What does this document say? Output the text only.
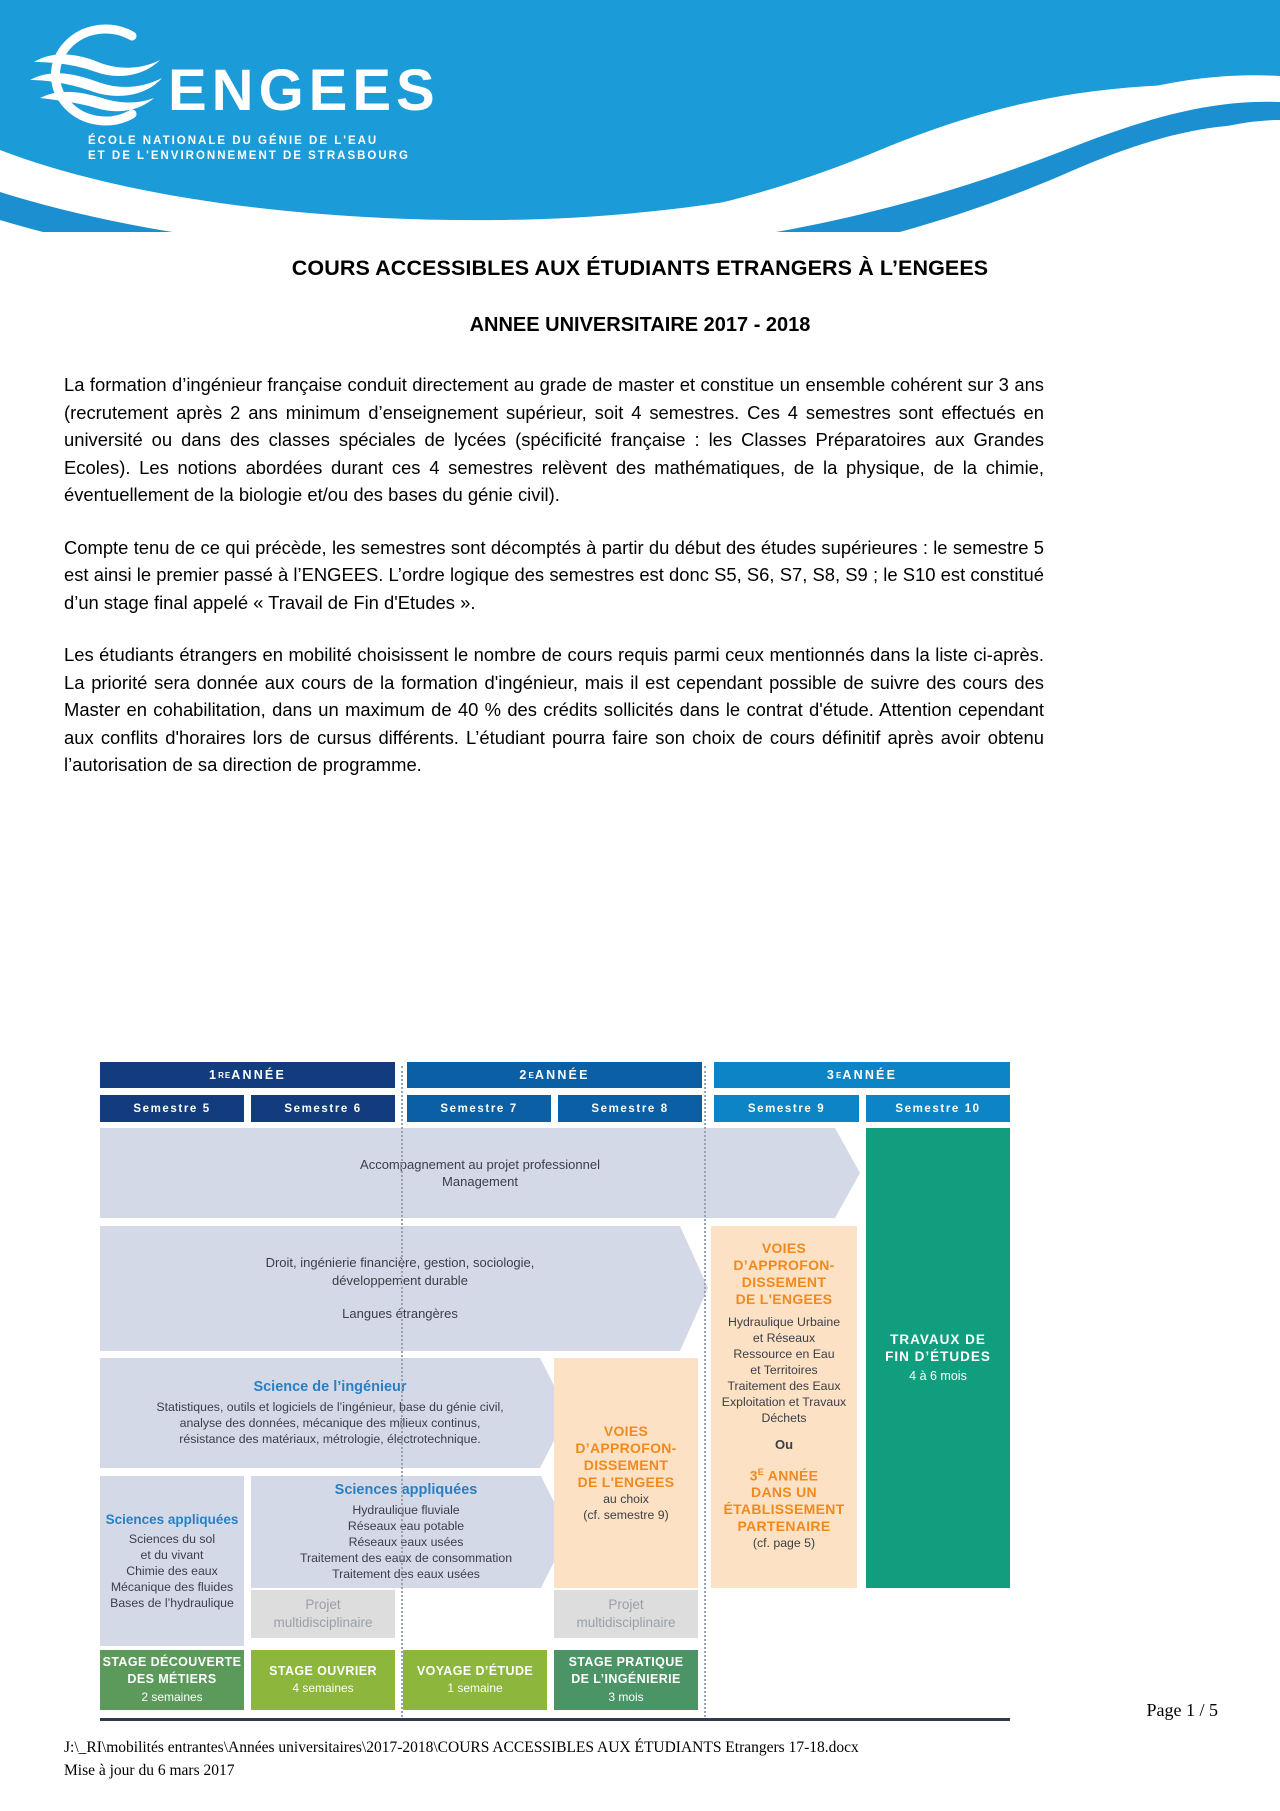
ENGEES
ÉCOLE NATIONALE DU GÉNIE DE L'EAU
ET DE L'ENVIRONNEMENT DE STRASBOURG
COURS ACCESSIBLES AUX ÉTUDIANTS ETRANGERS À L’ENGEES
ANNEE UNIVERSITAIRE 2017 - 2018

La formation d’ingénieur française conduit directement au grade de master et constitue un ensemble cohérent sur 3 ans (recrutement après 2 ans minimum d’enseignement supérieur, soit 4 semestres. Ces 4 semestres sont effectués en université ou dans des classes spéciales de lycées (spécificité française : les Classes Préparatoires aux Grandes Ecoles). Les notions abordées durant ces 4 semestres relèvent des mathématiques, de la physique, de la chimie, éventuellement de la biologie et/ou des bases du génie civil).

Compte tenu de ce qui précède, les semestres sont décomptés à partir du début des études supérieures : le semestre 5 est ainsi le premier passé à l’ENGEES. L’ordre logique des semestres est donc S5, S6, S7, S8, S9 ; le S10 est constitué d’un stage final appelé « Travail de Fin d'Etudes ».

Les étudiants étrangers en mobilité choisissent le nombre de cours requis parmi ceux mentionnés dans la liste ci-après. La priorité sera donnée aux cours de la formation d'ingénieur, mais il est cependant possible de suivre des cours des Master en cohabilitation, dans un maximum de 40 % des crédits sollicités dans le contrat d'étude. Attention cependant aux conflits d'horaires lors de cursus différents. L’étudiant pourra faire son choix de cours définitif après avoir obtenu l’autorisation de sa direction de programme.

1 RE ANNÉE	2 E ANNÉE	3 E ANNÉE
Semestre 5	Semestre 6	Semestre 7	Semestre 8	Semestre 9	Semestre 10
Accompagnement au projet professionnel
Management
Droit, ingénierie financière, gestion, sociologie,
développement durable
Langues étrangères
Science de l’ingénieur
Statistiques, outils et logiciels de l’ingénieur, base du génie civil,
analyse des données, mécanique des milieux continus,
résistance des matériaux, métrologie, électrotechnique.
Sciences appliquées
Sciences du sol
et du vivant
Chimie des eaux
Mécanique des fluides
Bases de l’hydraulique
Sciences appliquées
Hydraulique fluviale
Réseaux eau potable
Réseaux eaux usées
Traitement des eaux de consommation
Traitement des eaux usées
Projet
multidisciplinaire
Projet
multidisciplinaire
VOIES
D’APPROFON-
DISSEMENT
DE L'ENGEES
au choix
(cf. semestre 9)
VOIES
D’APPROFON-
DISSEMENT
DE L'ENGEES
Hydraulique Urbaine
et Réseaux
Ressource en Eau
et Territoires
Traitement des Eaux
Exploitation et Travaux
Déchets
Ou
$3^E$ ANNÉE
DANS UN
ÉTABLISSEMENT
PARTENAIRE
(cf. page 5)
TRAVAUX DE
FIN D’ÉTUDES
4 à 6 mois
STAGE DÉCOUVERTE
DES MÉTIERS
2 semaines
STAGE OUVRIER
4 semaines
VOYAGE D’ÉTUDE
1 semaine
STAGE PRATIQUE
DE L’INGÉNIERIE
3 mois
Page 1 / 5
J:\_RI\mobilités entrantes\Années universitaires\2017-2018\COURS ACCESSIBLES AUX ÉTUDIANTS Etrangers 17-18.docx
Mise à jour du 6 mars 2017
